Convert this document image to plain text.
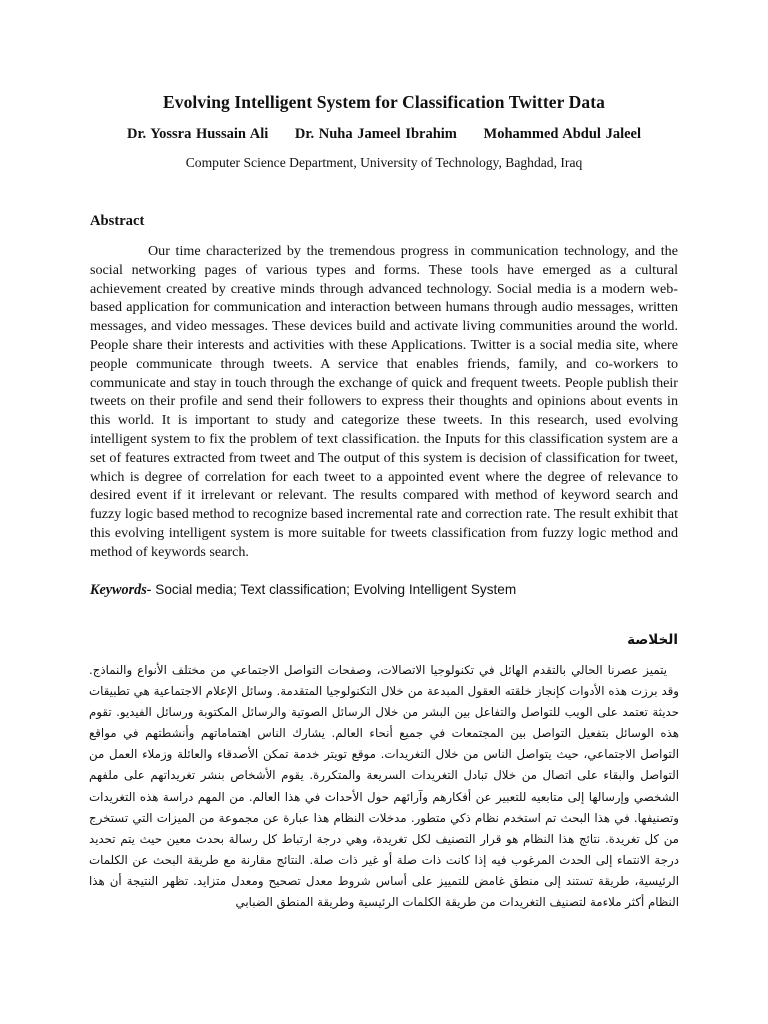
Evolving Intelligent System for Classification Twitter Data
Dr. Yossra Hussain Ali Dr. Nuha Jameel Ibrahim Mohammed Abdul Jaleel
Computer Science Department, University of Technology, Baghdad, Iraq
Abstract

Our time characterized by the tremendous progress in communication technology, and the social networking pages of various types and forms. These tools have emerged as a cultural achievement created by creative minds through advanced technology. Social media is a modern web-based application for communication and interaction between humans through audio messages, written messages, and video messages. These devices build and activate living communities around the world. People share their interests and activities with these Applications. Twitter is a social media site, where people communicate through tweets. A service that enables friends, family, and co-workers to communicate and stay in touch through the exchange of quick and frequent tweets. People publish their tweets on their profile and send their followers to express their thoughts and opinions about events in this world. It is important to study and categorize these tweets. In this research, used evolving intelligent system to fix the problem of text classification. the Inputs for this classification system are a set of features extracted from tweet and The output of this system is decision of classification for tweet, which is degree of correlation for each tweet to a appointed event where the degree of relevance to desired event if it irrelevant or relevant. The results compared with method of keyword search and fuzzy logic based method to recognize based incremental rate and correction rate. The result exhibit that this evolving intelligent system is more suitable for tweets classification from fuzzy logic method and method of keywords search.

Keywords- Social media; Text classification; Evolving Intelligent System
الخلاصة

يتميز عصرنا الحالي بالتقدم الهائل في تكنولوجيا الاتصالات، وصفحات التواصل الاجتماعي من مختلف الأنواع والنماذج. وقد برزت هذه الأدوات كإنجاز خلقته العقول المبدعة من خلال التكنولوجيا المتقدمة. وسائل الإعلام الاجتماعية هي تطبيقات حديثة تعتمد على الويب للتواصل والتفاعل بين البشر من خلال الرسائل الصوتية والرسائل المكتوبة ورسائل الفيديو. تقوم هذه الوسائل بتفعيل التواصل بين المجتمعات في جميع أنحاء العالم. يشارك الناس اهتماماتهم وأنشطتهم في مواقع التواصل الاجتماعي، حيث يتواصل الناس من خلال التغريدات. موقع تويتر خدمة تمكن الأصدقاء والعائلة وزملاء العمل من التواصل والبقاء على اتصال من خلال تبادل التغريدات السريعة والمتكررة. يقوم الأشخاص بنشر تغريداتهم على ملفهم الشخصي وإرسالها إلى متابعيه للتعبير عن أفكارهم وآرائهم حول الأحداث في هذا العالم. من المهم دراسة هذه التغريدات وتصنيفها. في هذا البحث تم استخدم نظام ذكي متطور. مدخلات النظام هذا عبارة عن مجموعة من الميزات التي تستخرج من كل تغريدة. نتائج هذا النظام هو قرار التصنيف لكل تغريدة، وهي درجة ارتباط كل رسالة بحدث معين حيث يتم تحديد درجة الانتماء إلى الحدث المرغوب فيه إذا كانت ذات صلة أو غير ذات صلة. النتائج مقارنة مع طريقة البحث عن الكلمات الرئيسية، طريقة تستند إلى منطق غامض للتمييز على أساس شروط معدل تصحيح ومعدل متزايد. تظهر النتيجة أن هذا النظام أكثر ملاءمة لتصنيف التغريدات من طريقة الكلمات الرئيسية وطريقة المنطق الضبابي
